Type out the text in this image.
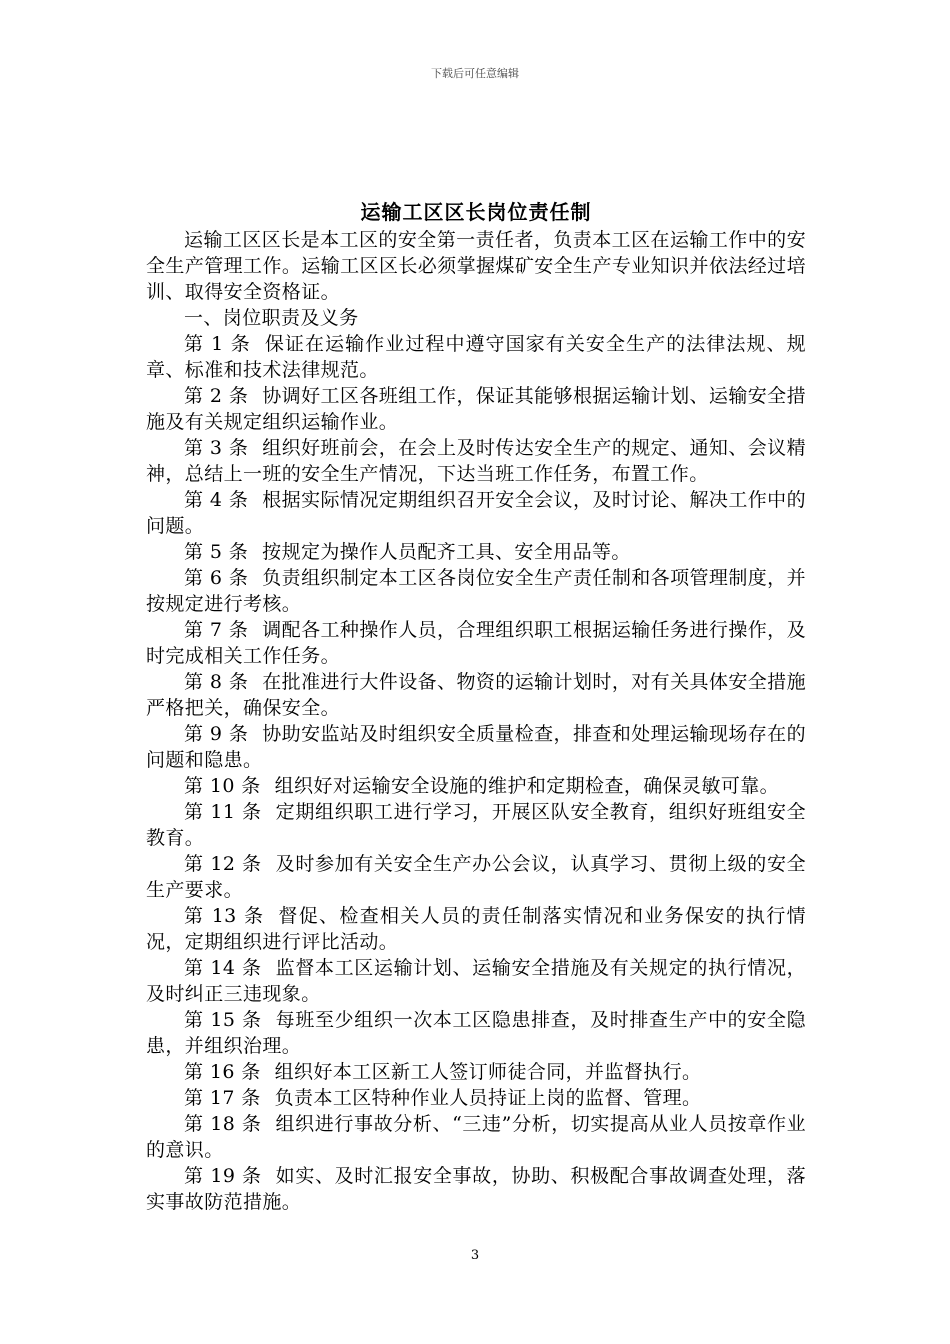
下载后可任意编辑
运输工区区长岗位责任制

运输工区区长是本工区的安全第一责任者，负责本工区在运输工作中的安全生产管理工作。运输工区区长必须掌握煤矿安全生产专业知识并依法经过培训、取得安全资格证。

一、岗位职责及义务

第 1 条 保证在运输作业过程中遵守国家有关安全生产的法律法规、规章、标准和技术法律规范。

第 2 条 协调好工区各班组工作，保证其能够根据运输计划、运输安全措施及有关规定组织运输作业。

第 3 条 组织好班前会，在会上及时传达安全生产的规定、通知、会议精神，总结上一班的安全生产情况，下达当班工作任务，布置工作。

第 4 条 根据实际情况定期组织召开安全会议，及时讨论、解决工作中的问题。

第 5 条 按规定为操作人员配齐工具、安全用品等。

第 6 条 负责组织制定本工区各岗位安全生产责任制和各项管理制度，并按规定进行考核。

第 7 条 调配各工种操作人员，合理组织职工根据运输任务进行操作，及时完成相关工作任务。

第 8 条 在批准进行大件设备、物资的运输计划时，对有关具体安全措施严格把关，确保安全。

第 9 条 协助安监站及时组织安全质量检查，排查和处理运输现场存在的问题和隐患。

第 10 条 组织好对运输安全设施的维护和定期检查，确保灵敏可靠。

第 11 条 定期组织职工进行学习，开展区队安全教育，组织好班组安全教育。

第 12 条 及时参加有关安全生产办公会议，认真学习、贯彻上级的安全生产要求。

第 13 条 督促、检查相关人员的责任制落实情况和业务保安的执行情况，定期组织进行评比活动。

第 14 条 监督本工区运输计划、运输安全措施及有关规定的执行情况，及时纠正三违现象。

第 15 条 每班至少组织一次本工区隐患排查，及时排查生产中的安全隐患，并组织治理。

第 16 条 组织好本工区新工人签订师徒合同，并监督执行。

第 17 条 负责本工区特种作业人员持证上岗的监督、管理。

第 18 条 组织进行事故分析、“三违”分析，切实提高从业人员按章作业的意识。

第 19 条 如实、及时汇报安全事故，协助、积极配合事故调查处理，落实事故防范措施。

3
